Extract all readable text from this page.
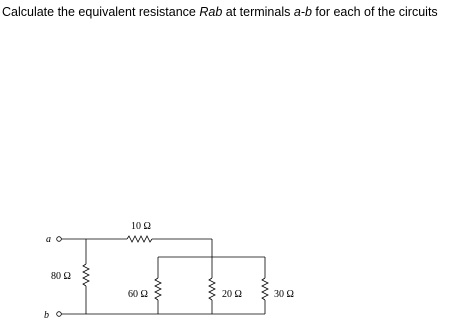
Calculate the equivalent resistance Rab at terminals a-b for each of the circuits
a
b
10 Ω
80 Ω
60 Ω	20 Ω	30 Ω
